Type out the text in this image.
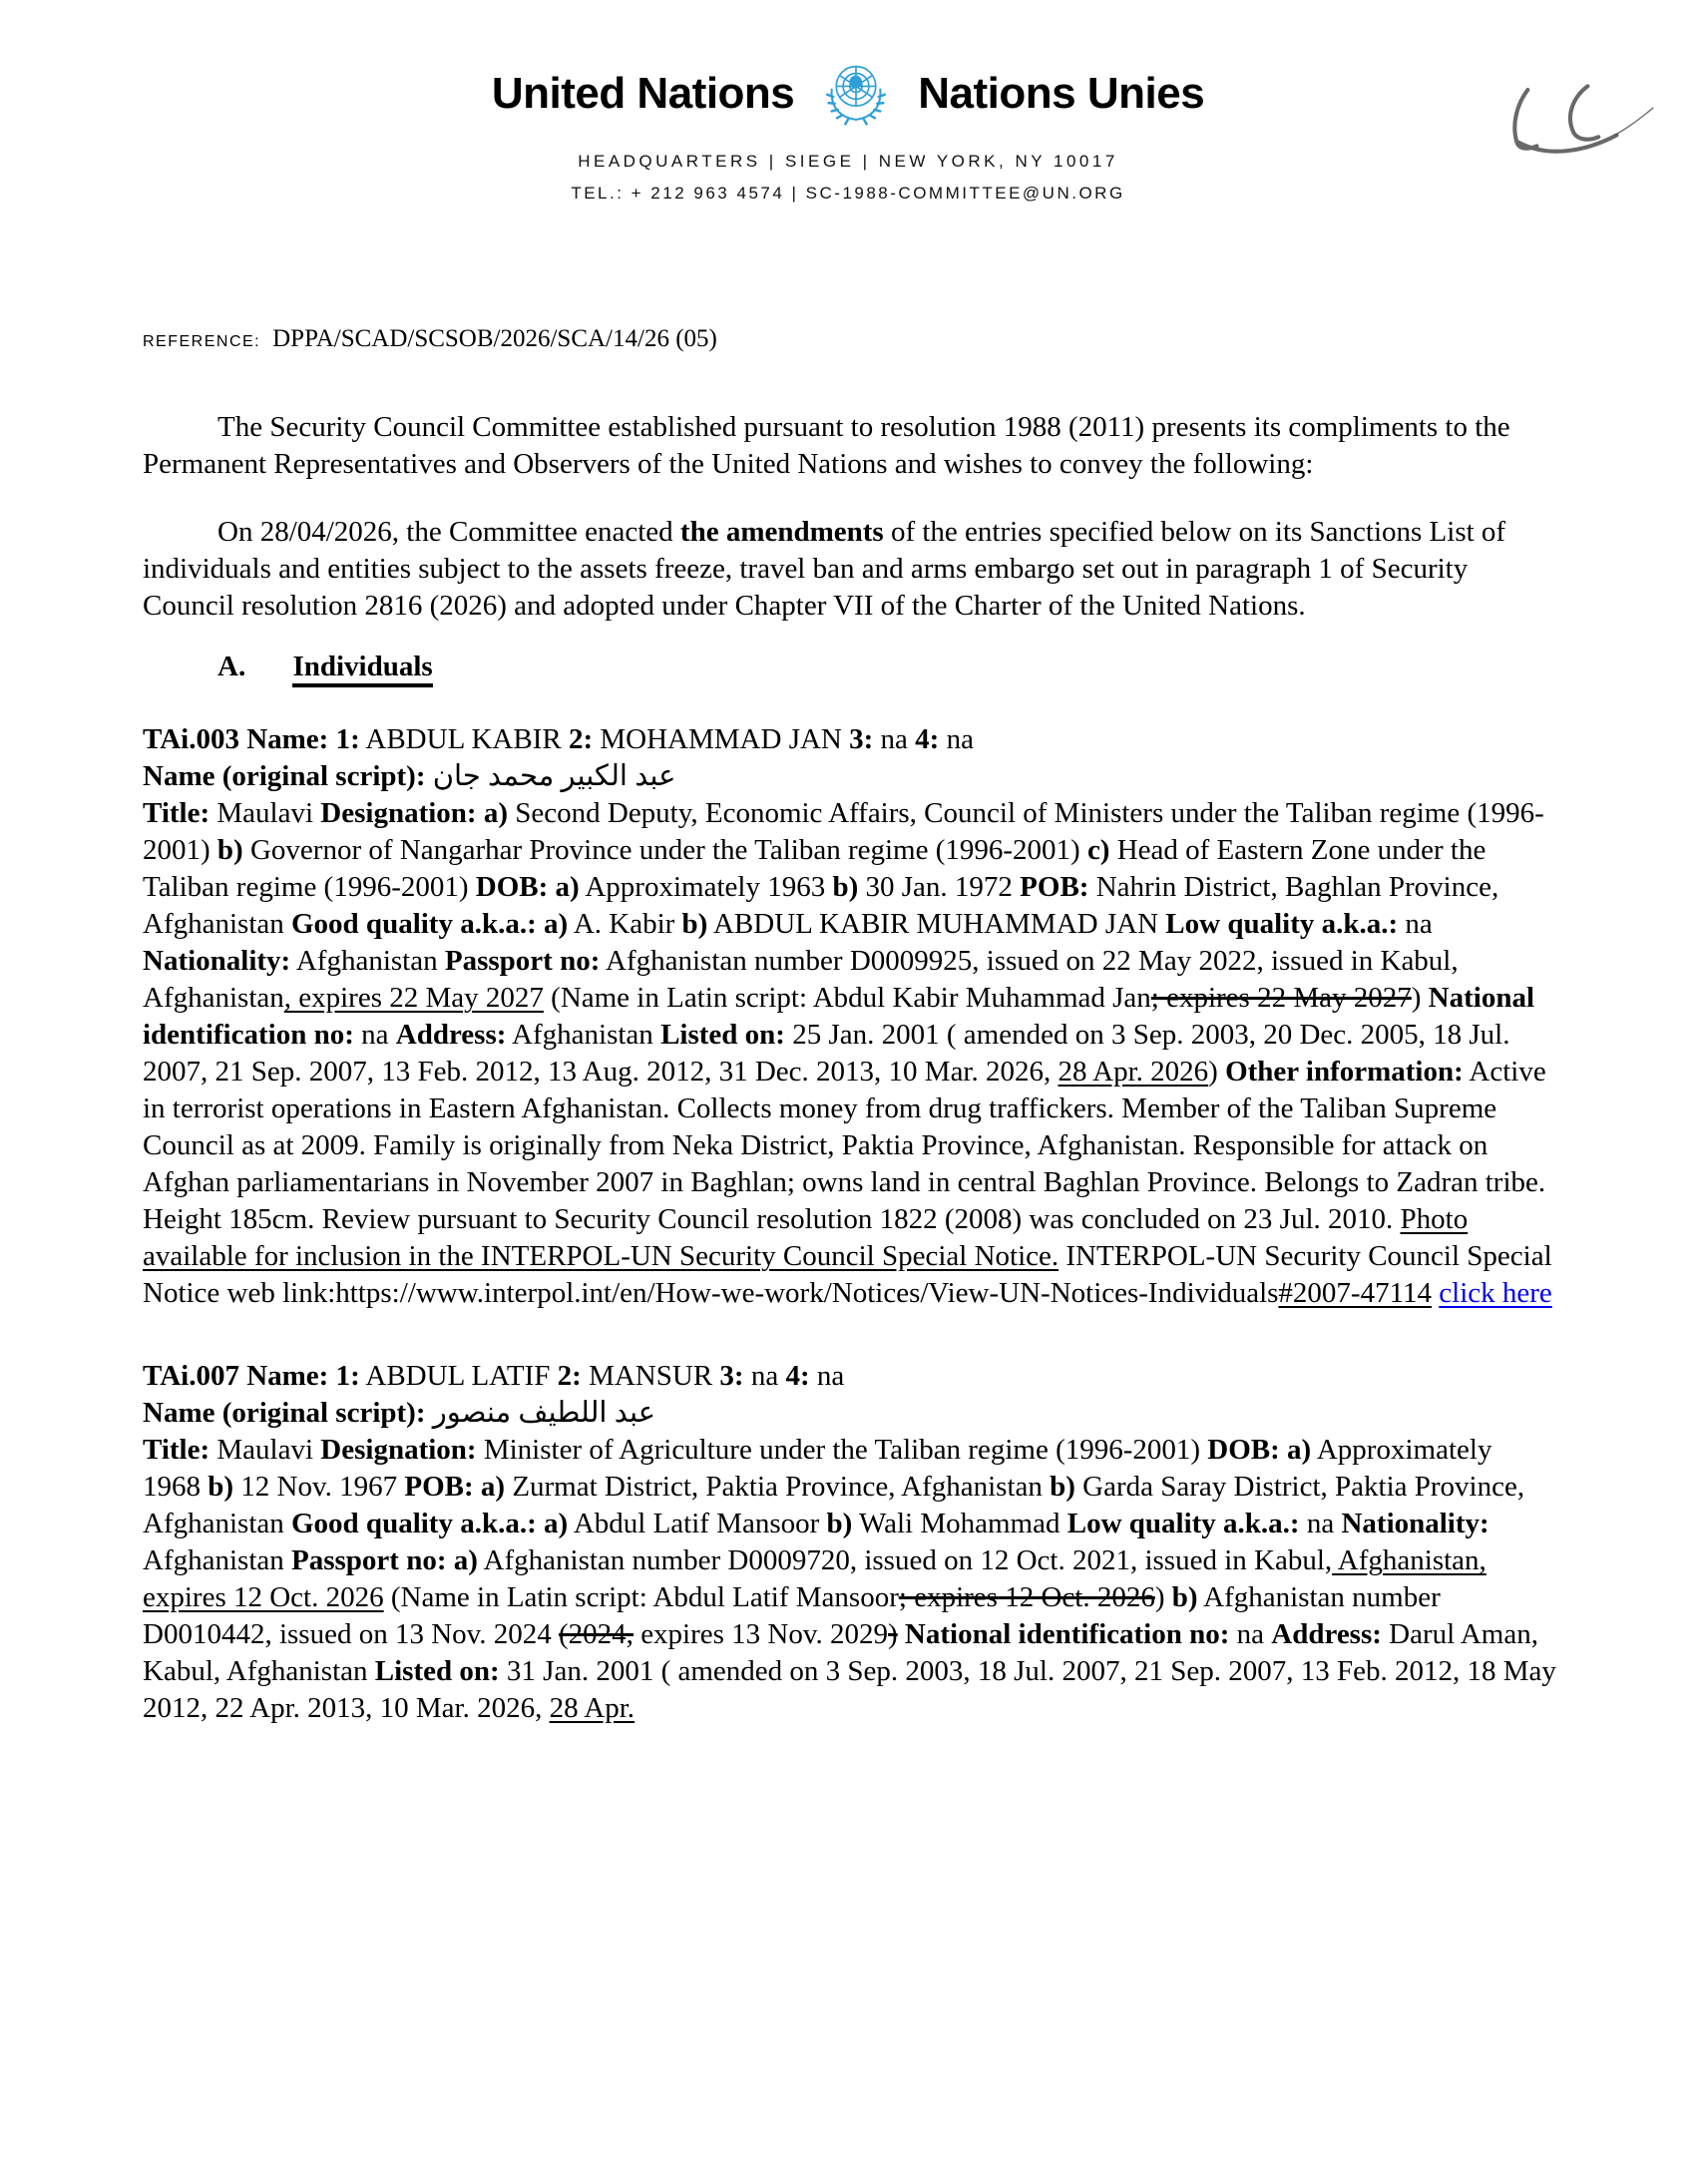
United Nations	Nations Unies
HEADQUARTERS | SIEGE | NEW YORK, NY 10017
TEL.: + 212 963 4574 | SC-1988-COMMITTEE@UN.ORG
REFERENCE: DPPA/SCAD/SCSOB/2026/SCA/14/26 (05)
The Security Council Committee established pursuant to resolution 1988 (2011) presents its compliments to the Permanent Representatives and Observers of the United Nations and wishes to convey the following:
On 28/04/2026, the Committee enacted the amendments of the entries specified below on its Sanctions List of individuals and entities subject to the assets freeze, travel ban and arms embargo set out in paragraph 1 of Security Council resolution 2816 (2026) and adopted under Chapter VII of the Charter of the United Nations.
A. Individuals
TAi.003 Name: 1: ABDUL KABIR 2: MOHAMMAD JAN 3: na 4: na
Name (original script): عبد الكبير محمد جان
Title: Maulavi Designation: a) Second Deputy, Economic Affairs, Council of Ministers under the Taliban regime (1996-2001) b) Governor of Nangarhar Province under the Taliban regime (1996-2001) c) Head of Eastern Zone under the Taliban regime (1996-2001) DOB: a) Approximately 1963 b) 30 Jan. 1972 POB: Nahrin District, Baghlan Province, Afghanistan Good quality a.k.a.: a) A. Kabir b) ABDUL KABIR MUHAMMAD JAN Low quality a.k.a.: na Nationality: Afghanistan Passport no: Afghanistan number D0009925, issued on 22 May 2022, issued in Kabul, Afghanistan, expires 22 May 2027 (Name in Latin script: Abdul Kabir Muhammad Jan; expires 22 May 2027) National identification no: na Address: Afghanistan Listed on: 25 Jan. 2001 ( amended on 3 Sep. 2003, 20 Dec. 2005, 18 Jul. 2007, 21 Sep. 2007, 13 Feb. 2012, 13 Aug. 2012, 31 Dec. 2013, 10 Mar. 2026, 28 Apr. 2026) Other information: Active in terrorist operations in Eastern Afghanistan. Collects money from drug traffickers. Member of the Taliban Supreme Council as at 2009. Family is originally from Neka District, Paktia Province, Afghanistan. Responsible for attack on Afghan parliamentarians in November 2007 in Baghlan; owns land in central Baghlan Province. Belongs to Zadran tribe. Height 185cm. Review pursuant to Security Council resolution 1822 (2008) was concluded on 23 Jul. 2010. Photo available for inclusion in the INTERPOL-UN Security Council Special Notice. INTERPOL-UN Security Council Special Notice web link:https://www.interpol.int/en/How-we-work/Notices/View-UN-Notices-Individuals#2007-47114 click here
TAi.007 Name: 1: ABDUL LATIF 2: MANSUR 3: na 4: na
Name (original script): عبد اللطيف منصور
Title: Maulavi Designation: Minister of Agriculture under the Taliban regime (1996-2001) DOB: a) Approximately 1968 b) 12 Nov. 1967 POB: a) Zurmat District, Paktia Province, Afghanistan b) Garda Saray District, Paktia Province, Afghanistan Good quality a.k.a.: a) Abdul Latif Mansoor b) Wali Mohammad Low quality a.k.a.: na Nationality: Afghanistan Passport no: a) Afghanistan number D0009720, issued on 12 Oct. 2021, issued in Kabul, Afghanistan, expires 12 Oct. 2026 (Name in Latin script: Abdul Latif Mansoor; expires 12 Oct. 2026) b) Afghanistan number D0010442, issued on 13 Nov. 2024 (2024, expires 13 Nov. 2029) National identification no: na Address: Darul Aman, Kabul, Afghanistan Listed on: 31 Jan. 2001 ( amended on 3 Sep. 2003, 18 Jul. 2007, 21 Sep. 2007, 13 Feb. 2012, 18 May 2012, 22 Apr. 2013, 10 Mar. 2026, 28 Apr.
